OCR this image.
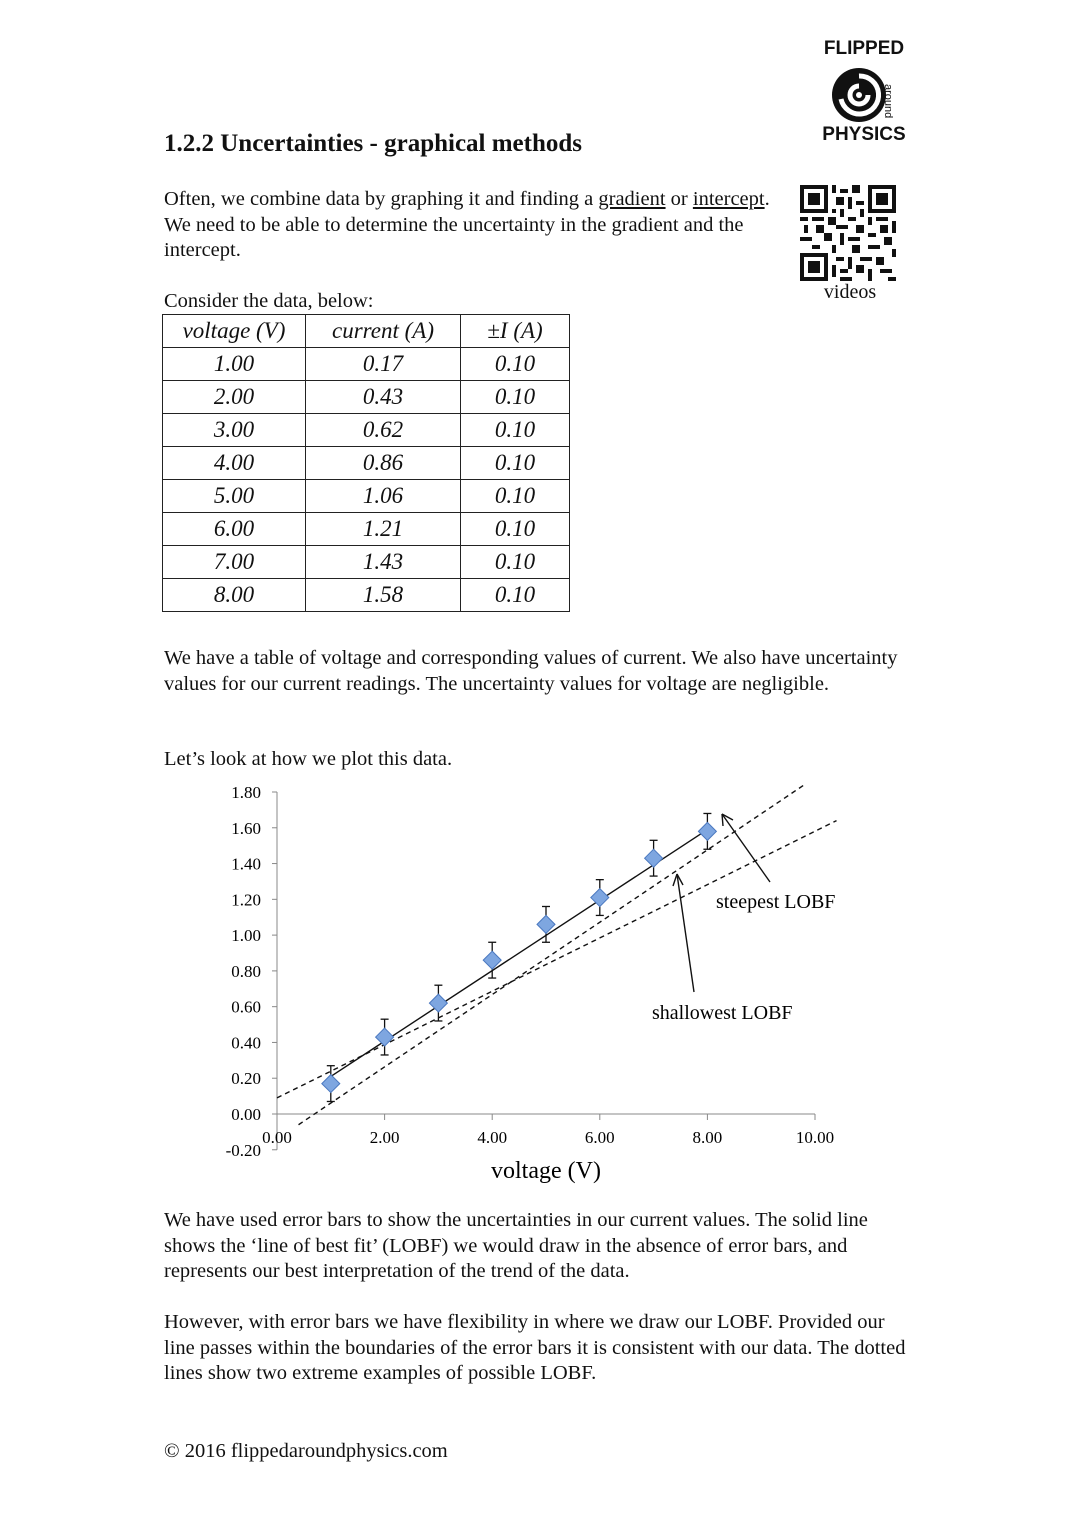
FLIPPED
around
PHYSICS
videos
1.2.2 Uncertainties - graphical methods

Often, we combine data by graphing it and finding a gradient or intercept. We need to be able to determine the uncertainty in the gradient and the intercept.

Consider the data, below:

voltage (V)	current (A)	±I (A)
1.00	0.17	0.10
2.00	0.43	0.10
3.00	0.62	0.10
4.00	0.86	0.10
5.00	1.06	0.10
6.00	1.21	0.10
7.00	1.43	0.10
8.00	1.58	0.10

We have a table of voltage and corresponding values of current. We also have uncertainty values for our current readings. The uncertainty values for voltage are negligible.

Let’s look at how we plot this data.

-0.20
0.00
0.20
0.40
0.60
0.80
1.00
1.20
1.40
1.60
1.80
0.00	2.00	4.00	6.00	8.00	10.00
voltage (V)
steepest LOBF
shallowest LOBF

We have used error bars to show the uncertainties in our current values. The solid line shows the ‘line of best fit’ (LOBF) we would draw in the absence of error bars, and represents our best interpretation of the trend of the data.

However, with error bars we have flexibility in where we draw our LOBF. Provided our line passes within the boundaries of the error bars it is consistent with our data. The dotted lines show two extreme examples of possible LOBF.

© 2016 flippedaroundphysics.com
